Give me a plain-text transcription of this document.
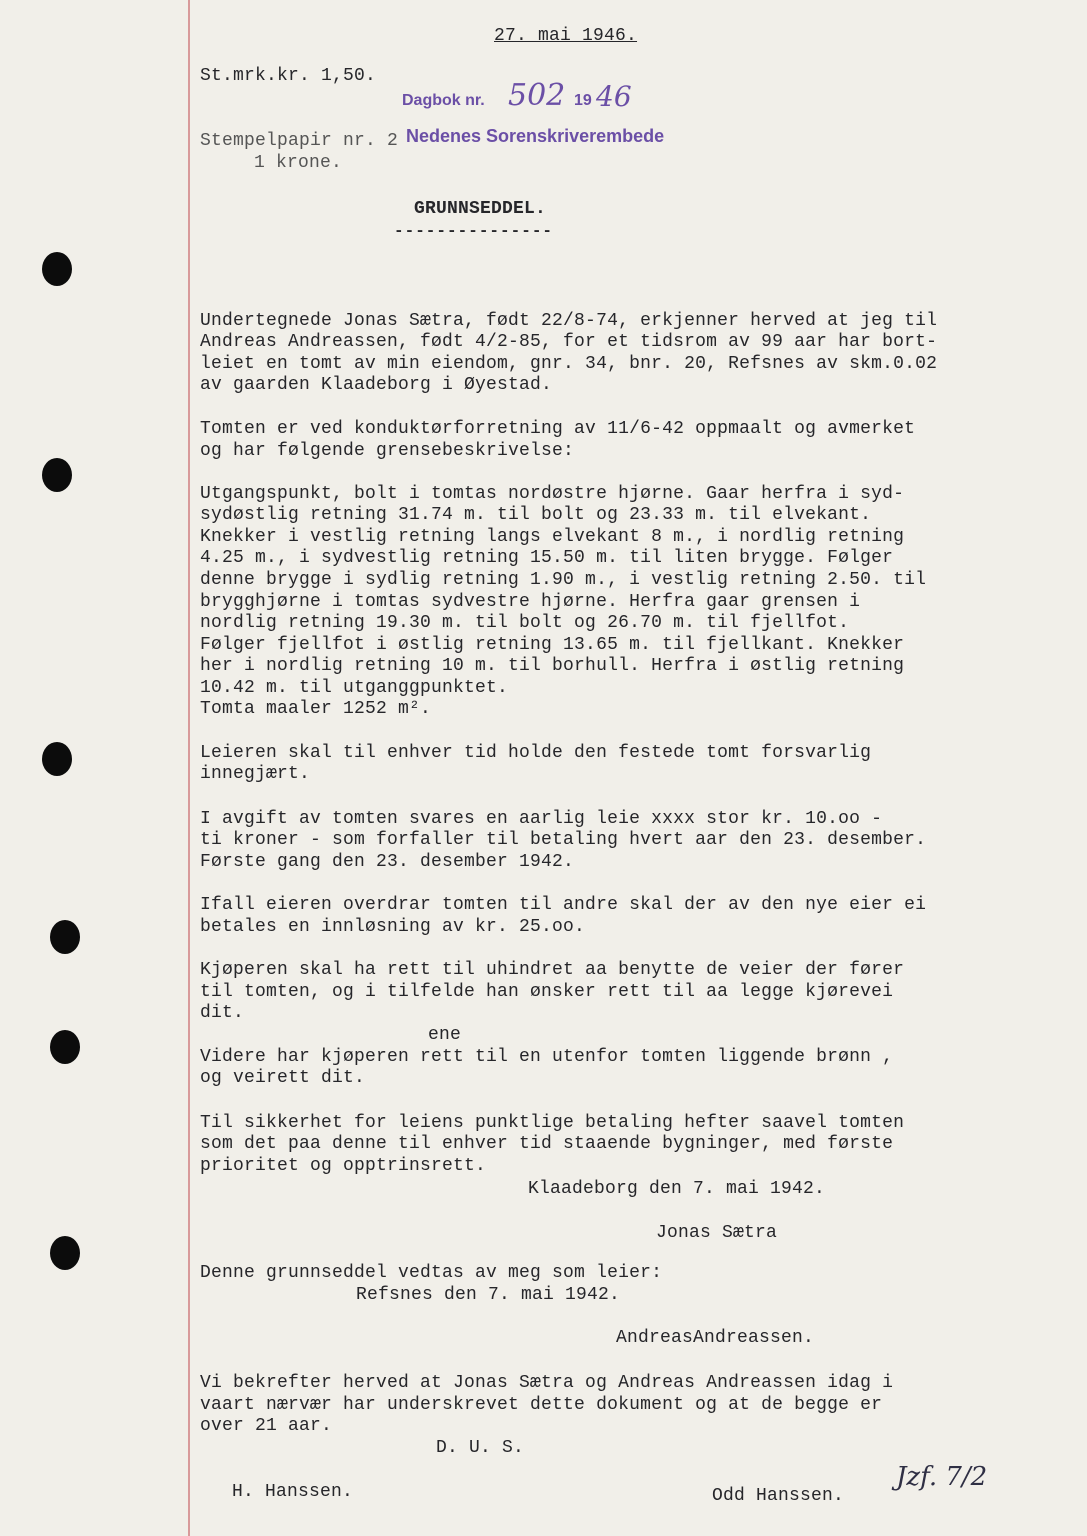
27. mai 1946.
St.mrk.kr. 1,50.
Dagbok nr. 502 19 46
Stempelpapir nr. 2 Nedenes Sorenskriverembede
1 krone.
GRUNNSEDDEL.
---------------
Undertegnede Jonas Sætra, født 22/8-74, erkjenner herved at jeg til
Andreas Andreassen, født 4/2-85, for et tidsrom av 99 aar har bort-
leiet en tomt av min eiendom, gnr. 34, bnr. 20, Refsnes av skm.0.02
av gaarden Klaadeborg i Øyestad.
Tomten er ved konduktørforretning av 11/6-42 oppmaalt og avmerket
og har følgende grensebeskrivelse:
Utgangspunkt, bolt i tomtas nordøstre hjørne. Gaar herfra i syd-
sydøstlig retning 31.74 m. til bolt og 23.33 m. til elvekant.
Knekker i vestlig retning langs elvekant 8 m., i nordlig retning
4.25 m., i sydvestlig retning 15.50 m. til liten brygge. Følger
denne brygge i sydlig retning 1.90 m., i vestlig retning 2.50. til
brygghjørne i tomtas sydvestre hjørne. Herfra gaar grensen i
nordlig retning 19.30 m. til bolt og 26.70 m. til fjellfot.
Følger fjellfot i østlig retning 13.65 m. til fjellkant. Knekker
her i nordlig retning 10 m. til borhull. Herfra i østlig retning
10.42 m. til utganggpunktet.
Tomta maaler 1252 m².
Leieren skal til enhver tid holde den festede tomt forsvarlig
innegjært.
I avgift av tomten svares en aarlig leie xxxx stor kr. 10.oo -
ti kroner - som forfaller til betaling hvert aar den 23. desember.
Første gang den 23. desember 1942.
Ifall eieren overdrar tomten til andre skal der av den nye eier ei
betales en innløsning av kr. 25.oo.
Kjøperen skal ha rett til uhindret aa benytte de veier der fører
til tomten, og i tilfelde han ønsker rett til aa legge kjørevei
dit.
ene
Videre har kjøperen rett til en utenfor tomten liggende brønn ,
og veirett dit.
Til sikkerhet for leiens punktlige betaling hefter saavel tomten
som det paa denne til enhver tid staaende bygninger, med første
prioritet og opptrinsrett.
Klaadeborg den 7. mai 1942.
Jonas Sætra
Denne grunnseddel vedtas av meg som leier:
Refsnes den 7. mai 1942.
AndreasAndreassen.
Vi bekrefter herved at Jonas Sætra og Andreas Andreassen idag i
vaart nærvær har underskrevet dette dokument og at de begge er
over 21 aar.
D. U. S.
H. Hanssen.	Odd Hanssen.
Jzf. 7/2
